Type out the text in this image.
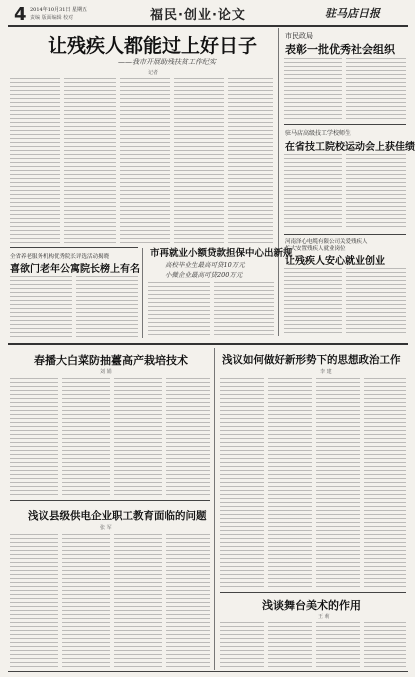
4 2014年10月31日 星期五
责编 版面编辑 校对	福民·创业·论文	驻马店日报
让残疾人都能过上好日子
——我市开展助残扶贫工作纪实
记者
市民政局
表彰一批优秀社会组织
驻马店高级技工学校师生
在省技工院校运动会上获佳绩
河南泽心电缆有限公司关爱残疾人
扩大安置残疾人就业岗位
让残疾人安心就业创业
全省养老服务机构优秀院长评选活动揭晓
喜欲门老年公寓院长榜上有名
市再就业小额贷款担保中心出新规
高校毕业生最高可贷10万元
小微企业最高可贷200万元
春播大白菜防抽薹高产栽培技术
刘 娟
浅议县级供电企业职工教育面临的问题
张 军
浅议如何做好新形势下的思想政治工作
李 建
浅谈舞台美术的作用
王 莉
